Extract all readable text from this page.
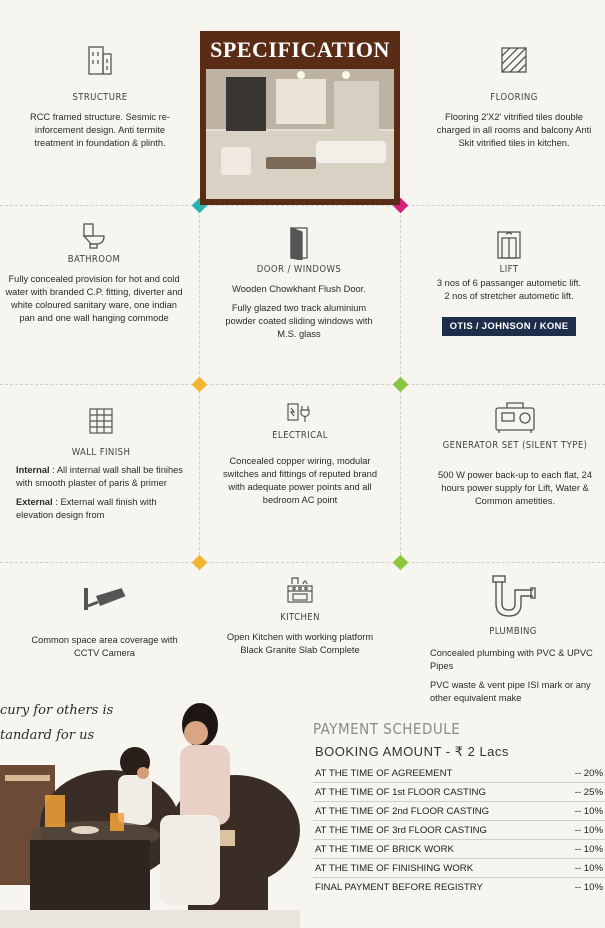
SPECIFICATION
STRUCTURE
RCC framed structure. Sesmic re-inforcement design. Anti termite treatment in foundation & plinth.
FLOORING
Flooring 2'X2' vitrified tiles double charged in all rooms and balcony Anti Skit vitrified tiles in kitchen.
BATHROOM
Fully concealed provision for hot and cold water with branded C.P. fitting, diverter and white coloured sanitary ware, one indian pan and one wall hanging commode
DOOR / WINDOWS
Wooden Chowkhant Flush Door.
Fully glazed two track aluminium powder coated sliding windows with M.S. glass
LIFT
3 nos of 6 passanger autometic lift.
2 nos of stretcher autometic lift.
OTIS / JOHNSON / KONE
WALL FINISH
Internal : All internal wall shall be finihes with smooth plaster of paris & primer
External : External wall finish with elevation design from
ELECTRICAL
Concealed copper wiring, modular switches and fittings of reputed brand with adequate power points and all bedroom AC point
GENERATOR SET (SILENT TYPE)
500 W power back-up to each flat, 24 hours power supply for Lift, Water & Common ametities.
Common space area coverage with CCTV Camera
KITCHEN
Open Kitchen with working platform Black Granite Slab Complete
PLUMBING
Concealed plumbing with PVC & UPVC Pipes
PVC waste & vent pipe ISI mark or any other equivalent make
cury for others is
tandard for us	PAYMENT SCHEDULE
BOOKING AMOUNT - ₹ 2 Lacs
AT THE TIME OF AGREEMENT	-- 20%
AT THE TIME OF 1st FLOOR CASTING	-- 25%
AT THE TIME OF 2nd FLOOR CASTING	-- 10%
AT THE TIME OF 3rd FLOOR CASTING	-- 10%
AT THE TIME OF BRICK WORK	-- 10%
AT THE TIME OF FINISHING WORK	-- 10%
FINAL PAYMENT BEFORE REGISTRY	-- 10%
